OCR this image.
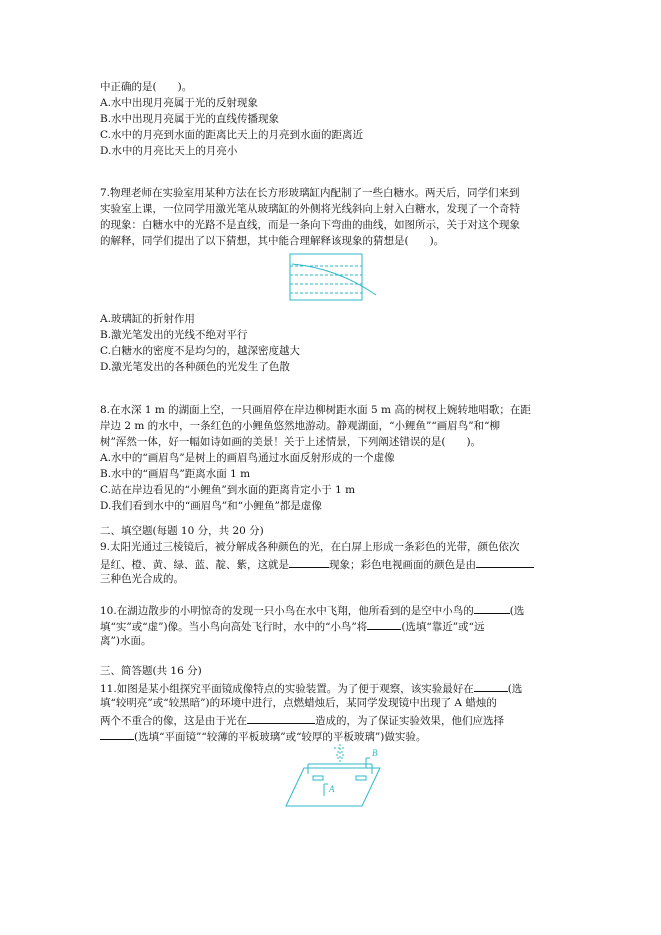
中正确的是(　　)。
A.水中出现月亮属于光的反射现象
B.水中出现月亮属于光的直线传播现象
C.水中的月亮到水面的距离比天上的月亮到水面的距离近
D.水中的月亮比天上的月亮小
7.物理老师在实验室用某种方法在长方形玻璃缸内配制了一些白糖水。两天后，同学们来到
实验室上课，一位同学用激光笔从玻璃缸的外侧将光线斜向上射入白糖水，发现了一个奇特
的现象：白糖水中的光路不是直线，而是一条向下弯曲的曲线，如图所示，关于对这个现象
的解释，同学们提出了以下猜想，其中能合理解释该现象的猜想是(　　)。
A.玻璃缸的折射作用
B.激光笔发出的光线不绝对平行
C.白糖水的密度不是均匀的，越深密度越大
D.激光笔发出的各种颜色的光发生了色散
8.在水深 1 m 的湖面上空，一只画眉停在岸边柳树距水面 5 m 高的树杈上婉转地唱歌；在距
岸边 2 m 的水中，一条红色的小鲤鱼悠然地游动。静观湖面，“小鲤鱼”“画眉鸟”和“柳
树”浑然一体，好一幅如诗如画的美景！关于上述情景，下列阐述错误的是(　　)。
A.水中的“画眉鸟”是树上的画眉鸟通过水面反射形成的一个虚像
B.水中的“画眉鸟”距离水面 1 m
C.站在岸边看见的“小鲤鱼”到水面的距离肯定小于 1 m
D.我们看到水中的“画眉鸟”和“小鲤鱼”都是虚像
二、填空题(每题 10 分，共 20 分)
9.太阳光通过三棱镜后，被分解成各种颜色的光，在白屏上形成一条彩色的光带，颜色依次
是红、橙、黄、绿、蓝、靛、紫，这就是	现象；彩色电视画面的颜色是由
三种色光合成的。
10.在湖边散步的小明惊奇的发现一只小鸟在水中飞翔，他所看到的是空中小鸟的	(选
填“实”或“虚”)像。当小鸟向高处飞行时，水中的“小鸟”将	(选填“靠近”或“远
离”)水面。
三、简答题(共 16 分)
11.如图是某小组探究平面镜成像特点的实验装置。为了便于观察，该实验最好在	(选
填“较明亮”或“较黑暗”)的环境中进行，点燃蜡烛后，某同学发现镜中出现了 A 蜡烛的
两个不重合的像，这是由于光在	造成的，为了保证实验效果，他们应选择
(选填“平面镜”“较薄的平板玻璃”或“较厚的平板玻璃”)做实验。
B
A
